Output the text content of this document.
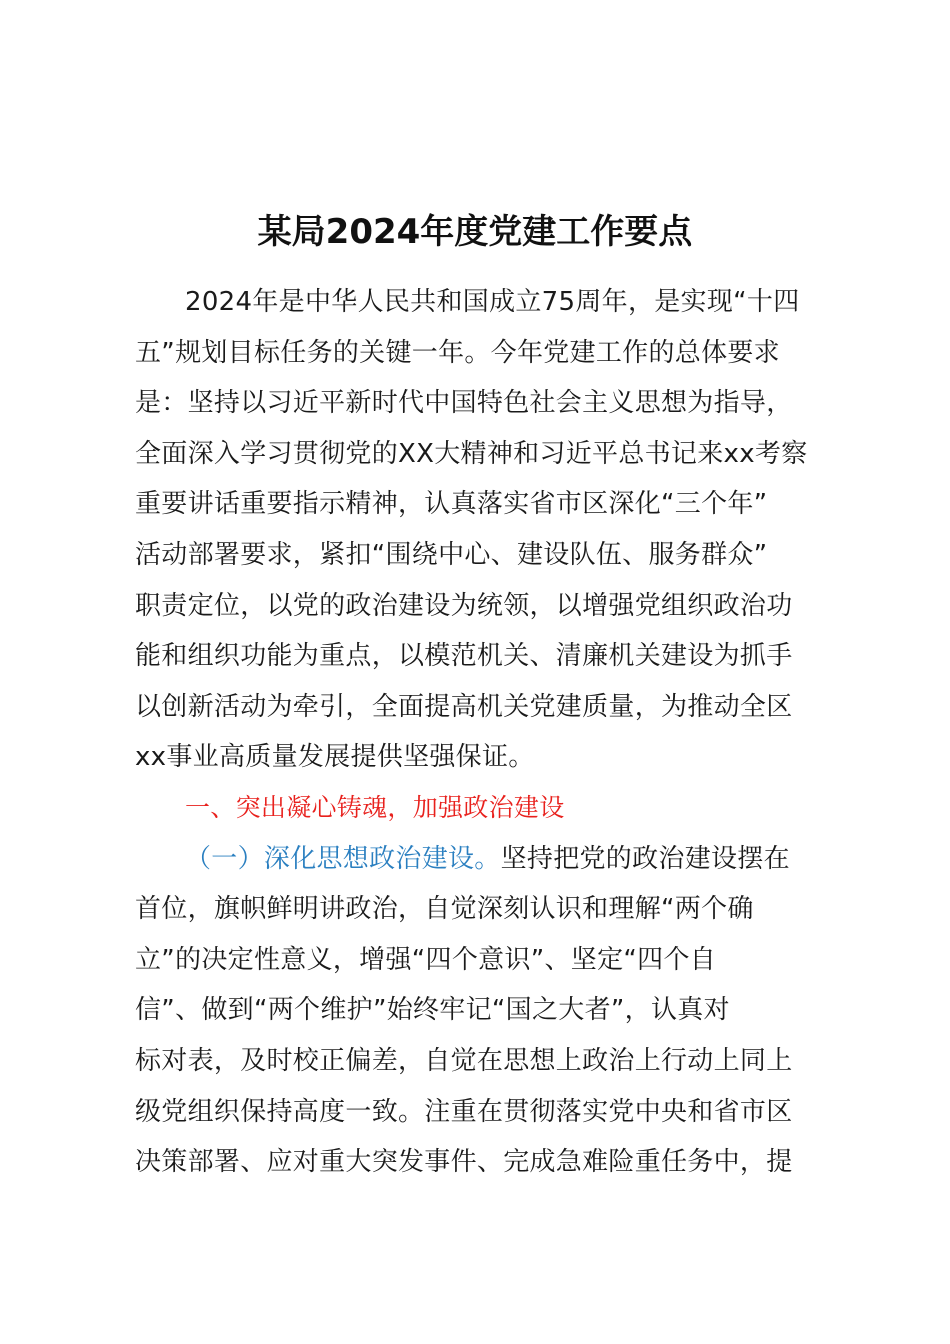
某局2024年度党建工作要点
2024年是中华人民共和国成立75周年，是实现“十四
五”规划目标任务的关键一年。今年党建工作的总体要求
是：坚持以习近平新时代中国特色社会主义思想为指导，
全面深入学习贯彻党的XX大精神和习近平总书记来xx考察
重要讲话重要指示精神，认真落实省市区深化“三个年”
活动部署要求，紧扣“围绕中心、建设队伍、服务群众”
职责定位，以党的政治建设为统领，以增强党组织政治功
能和组织功能为重点，以模范机关、清廉机关建设为抓手
以创新活动为牵引，全面提高机关党建质量，为推动全区
xx事业高质量发展提供坚强保证。
一、突出凝心铸魂，加强政治建设
（一）深化思想政治建设。坚持把党的政治建设摆在
首位，旗帜鲜明讲政治，自觉深刻认识和理解“两个确
立”的决定性意义，增强“四个意识”、坚定“四个自
信”、做到“两个维护”始终牢记“国之大者”，认真对
标对表，及时校正偏差，自觉在思想上政治上行动上同上
级党组织保持高度一致。注重在贯彻落实党中央和省市区
决策部署、应对重大突发事件、完成急难险重任务中，提
